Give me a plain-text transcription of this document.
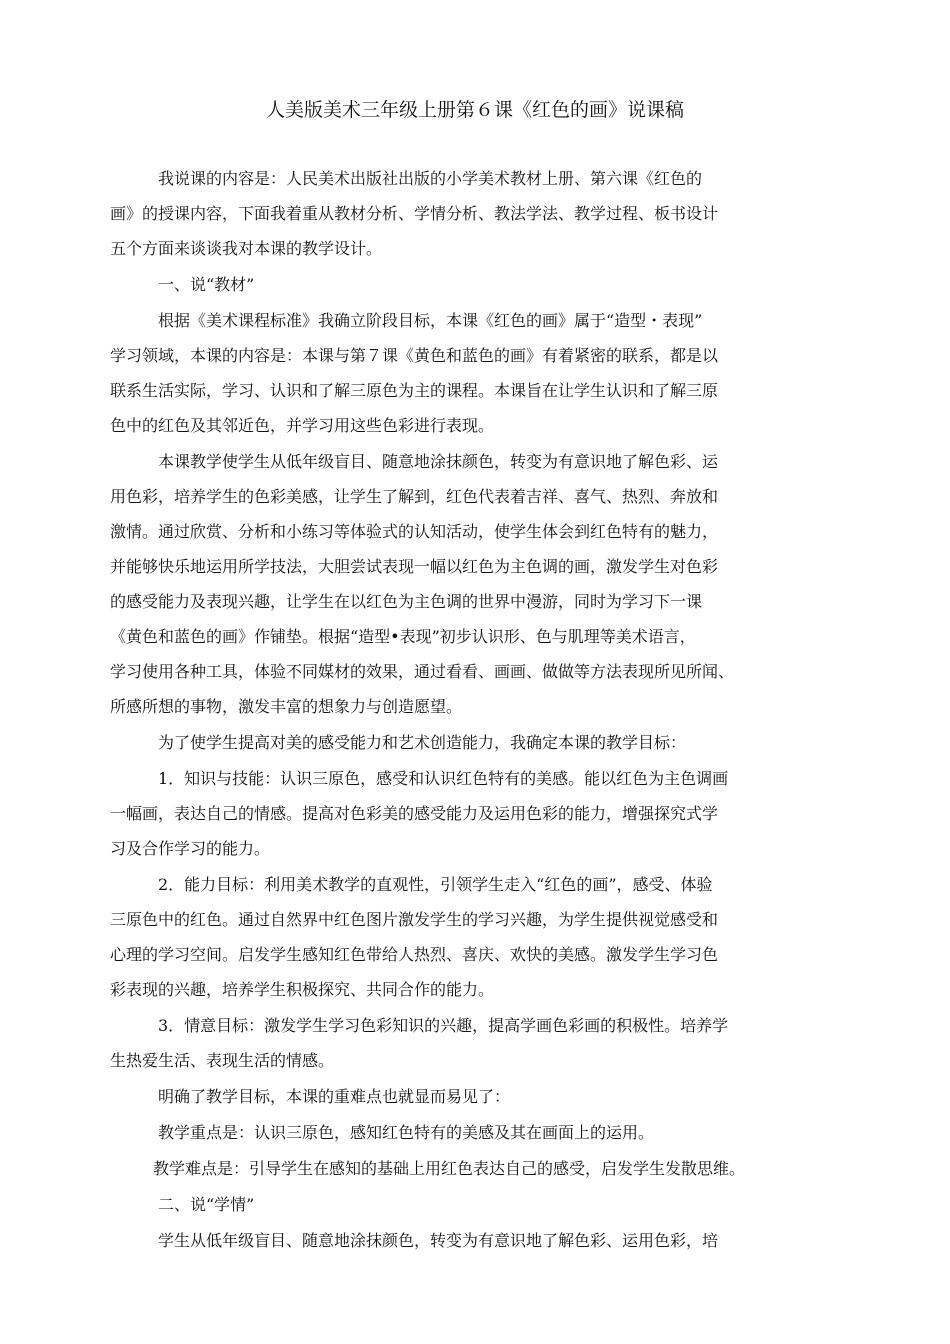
人美版美术三年级上册第６课《红色的画》说课稿
我说课的内容是：人民美术出版社出版的小学美术教材上册、第六课《红色的
画》的授课内容，下面我着重从教材分析、学情分析、教法学法、教学过程、板书设计
五个方面来谈谈我对本课的教学设计。
一、说“教材”
根据《美术课程标准》我确立阶段目标，本课《红色的画》属于“造型・表现”
学习领域，本课的内容是：本课与第７课《黄色和蓝色的画》有着紧密的联系，都是以
联系生活实际，学习、认识和了解三原色为主的课程。本课旨在让学生认识和了解三原
色中的红色及其邻近色，并学习用这些色彩进行表现。
本课教学使学生从低年级盲目、随意地涂抹颜色，转变为有意识地了解色彩、运
用色彩，培养学生的色彩美感，让学生了解到，红色代表着吉祥、喜气、热烈、奔放和
激情。通过欣赏、分析和小练习等体验式的认知活动，使学生体会到红色特有的魅力，
并能够快乐地运用所学技法，大胆尝试表现一幅以红色为主色调的画，激发学生对色彩
的感受能力及表现兴趣，让学生在以红色为主色调的世界中漫游，同时为学习下一课
《黄色和蓝色的画》作铺垫。根据“造型•表现”初步认识形、色与肌理等美术语言，
学习使用各种工具，体验不同媒材的效果，通过看看、画画、做做等方法表现所见所闻、
所感所想的事物，激发丰富的想象力与创造愿望。
为了使学生提高对美的感受能力和艺术创造能力，我确定本课的教学目标：
1．知识与技能：认识三原色，感受和认识红色特有的美感。能以红色为主色调画
一幅画，表达自己的情感。提高对色彩美的感受能力及运用色彩的能力，增强探究式学
习及合作学习的能力。
2．能力目标：利用美术教学的直观性，引领学生走入“红色的画”，感受、体验
三原色中的红色。通过自然界中红色图片激发学生的学习兴趣，为学生提供视觉感受和
心理的学习空间。启发学生感知红色带给人热烈、喜庆、欢快的美感。激发学生学习色
彩表现的兴趣，培养学生积极探究、共同合作的能力。
3．情意目标：激发学生学习色彩知识的兴趣，提高学画色彩画的积极性。培养学
生热爱生活、表现生活的情感。
明确了教学目标，本课的重难点也就显而易见了：
教学重点是：认识三原色，感知红色特有的美感及其在画面上的运用。
教学难点是：引导学生在感知的基础上用红色表达自己的感受，启发学生发散思维。
二、说“学情”
学生从低年级盲目、随意地涂抹颜色，转变为有意识地了解色彩、运用色彩，培
